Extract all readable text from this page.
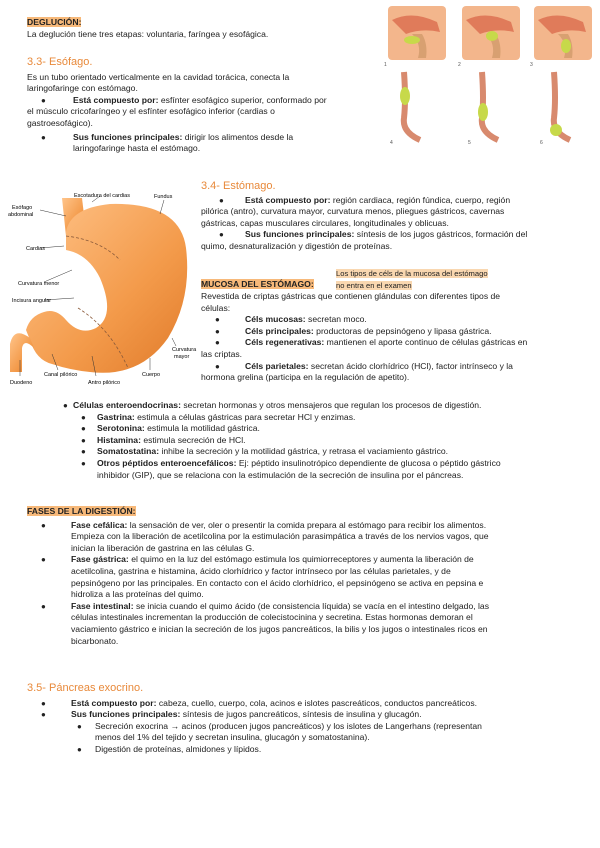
DEGLUCIÓN:

La deglución tiene tres etapas: voluntaria, faríngea y esofágica.

3.3- Esófago.

Es un tubo orientado verticalmente en la cavidad torácica, conecta la
laringofaringe con estómago.

●	Está compuesto por: esfínter esofágico superior, conformado por
el músculo cricofaríngeo y el esfínter esofágico inferior (cardias o
gastroesofágico).

●	Sus funciones principales: dirigir los alimentos desde la
laringofaringe hasta el estómago.

1	2	3
4	5	6
Esófago
abdominal
Escotadura del cardias	Fundus
Cardias
Curvatura menor
Incisura angular
Duodeno
Canal pilórico
Antro pilórico
Cuerpo
Curvatura
mayor

3.4- Estómago.

●	Está compuesto por: región cardiaca, región fúndica, cuerpo, región
pilórica (antro), curvatura mayor, curvatura menos, pliegues gástricos, cavernas
gástricas, capas musculares circulares, longitudinales y oblicuas.

●	Sus funciones principales: síntesis de los jugos gástricos, formación del
quimo, desnaturalización y digestión de proteínas.

MUCOSA DEL ESTÓMAGO:
Los tipos de céls de la mucosa del estómago
no entra en el examen

Revestida de criptas gástricas que contienen glándulas con diferentes tipos de
células:

●	Céls mucosas: secretan moco.

●	Céls principales: productoras de pepsinógeno y lipasa gástrica.

●	Céls regenerativas: mantienen el aporte continuo de células gástricas en
las criptas.

●	Céls parietales: secretan ácido clorhídrico (HCl), factor intrínseco y la
hormona grelina (participa en la regulación de apetito).

● Células enteroendocrinas: secretan hormonas y otros mensajeros que regulan los procesos de digestión.

●	Gastrina: estimula a células gástricas para secretar HCl y enzimas.

●	Serotonina: estimula la motilidad gástrica.

●	Histamina: estimula secreción de HCl.

●	Somatostatina: inhibe la secreción y la motilidad gástrica, y retrasa el vaciamiento gástrico.

●	Otros péptidos enteroencefálicos: Ej: péptido insulinotrópico dependiente de glucosa o péptido gástrico
inhibidor (GIP), que se relaciona con la estimulación de la secreción de insulina por el páncreas.

FASES DE LA DIGESTIÓN:

●	Fase cefálica: la sensación de ver, oler o presentir la comida prepara al estómago para recibir los alimentos.
Empieza con la liberación de acetilcolina por la estimulación parasimpática a través de los nervios vagos, que
inician la liberación de gastrina en las células G.

●	Fase gástrica: el quimo en la luz del estómago estimula los quimiorreceptores y aumenta la liberación de
acetilcolina, gastrina e histamina, ácido clorhídrico y factor intrínseco por las células parietales, y de
pepsinógeno por las principales. En contacto con el ácido clorhídrico, el pepsinógeno se activa en pepsina e
hidroliza a las proteínas del quimo.

●	Fase intestinal: se inicia cuando el quimo ácido (de consistencia líquida) se vacía en el intestino delgado, las
células intestinales incrementan la producción de colecistocinina y secretina. Estas hormonas demoran el
vaciamiento gástrico e inician la secreción de los jugos pancreáticos, la bilis y los jugos o intestinales ricos en
bicarbonato.

3.5- Páncreas exocrino.

●	Está compuesto por: cabeza, cuello, cuerpo, cola, acinos e islotes pascreáticos, conductos pancreáticos.

●	Sus funciones principales: síntesis de jugos pancreáticos, síntesis de insulina y glucagón.

●	Secreción exocrina → acinos (producen jugos pancreáticos) y los islotes de Langerhans (representan
menos del 1% del tejido y secretan insulina, glucagón y somatostanina).

●	Digestión de proteínas, almidones y lípidos.
